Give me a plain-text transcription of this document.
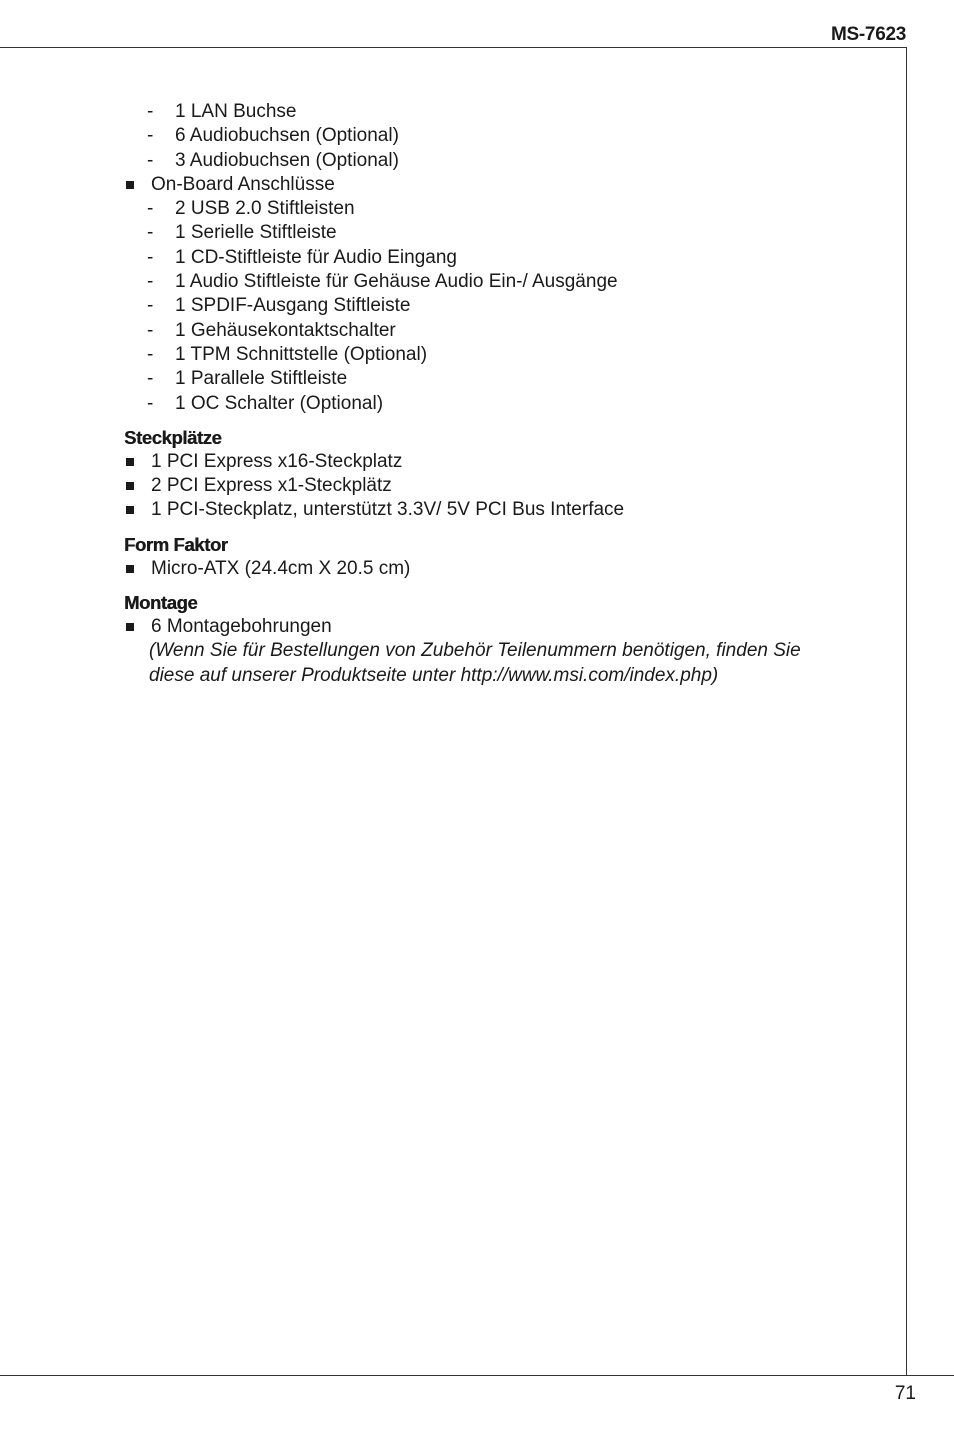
MS-7623
71
- 1 LAN Buchse
- 6 Audiobuchsen (Optional)
- 3 Audiobuchsen (Optional)
On-Board Anschlüsse
- 2 USB 2.0 Stiftleisten
- 1 Serielle Stiftleiste
- 1 CD-Stiftleiste für Audio Eingang
- 1 Audio Stiftleiste für Gehäuse Audio Ein-/ Ausgänge
- 1 SPDIF-Ausgang Stiftleiste
- 1 Gehäusekontaktschalter
- 1 TPM Schnittstelle (Optional)
- 1 Parallele Stiftleiste
- 1 OC Schalter (Optional)
Steckplätze
1 PCI Express x16-Steckplatz
2 PCI Express x1-Steckplätz
1 PCI-Steckplatz, unterstützt 3.3V/ 5V PCI Bus Interface
Form Faktor
Micro-ATX (24.4cm X 20.5 cm)
Montage
6 Montagebohrungen
(Wenn Sie für Bestellungen von Zubehör Teilenummern benötigen, finden Sie
diese auf unserer Produktseite unter http://www.msi.com/index.php)
